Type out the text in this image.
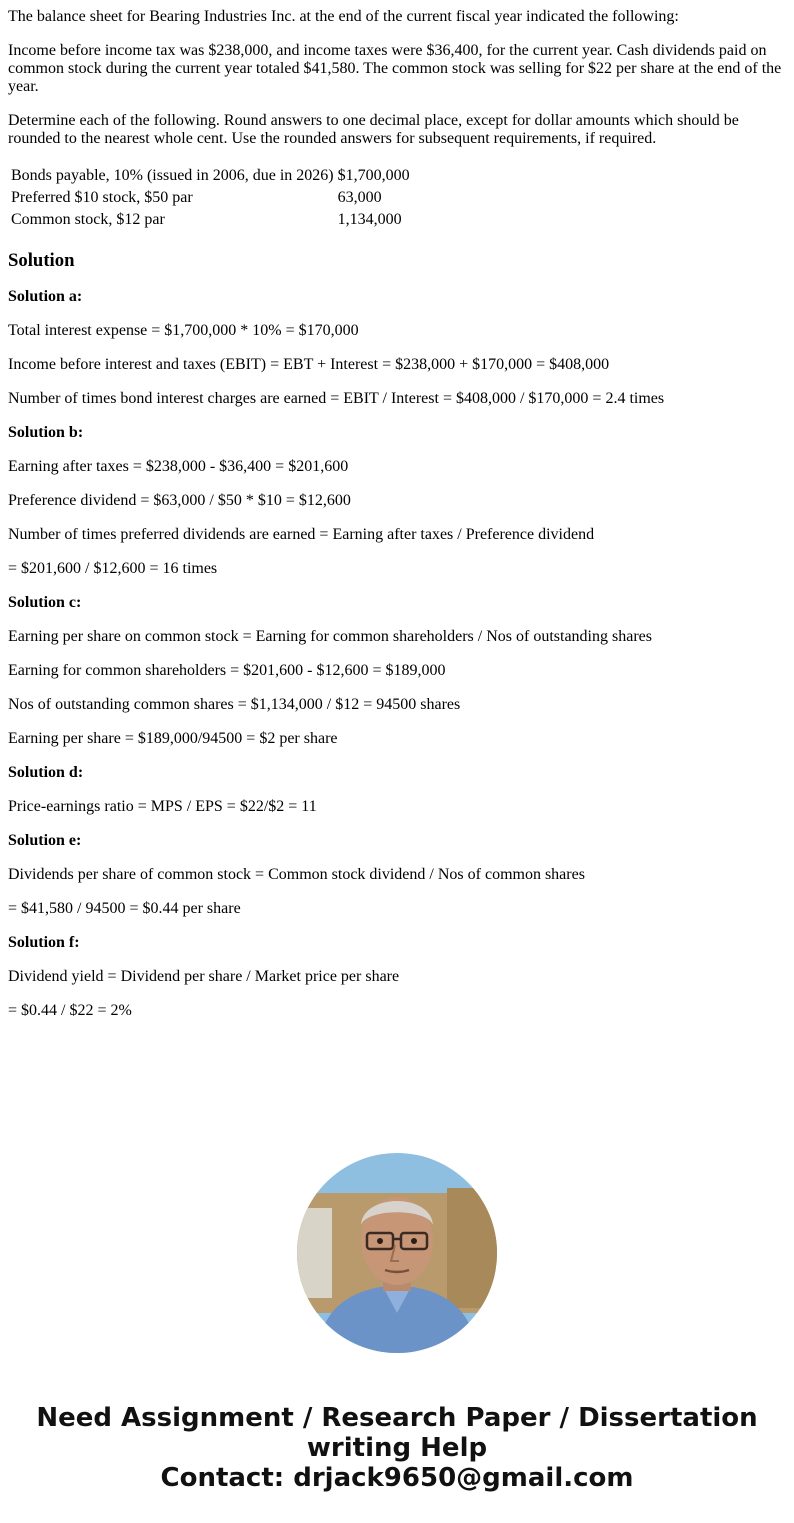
The balance sheet for Bearing Industries Inc. at the end of the current fiscal year indicated the following:

Income before income tax was $238,000, and income taxes were $36,400, for the current year. Cash dividends paid on common stock during the current year totaled $41,580. The common stock was selling for $22 per share at the end of the year.

Determine each of the following. Round answers to one decimal place, except for dollar amounts which should be rounded to the nearest whole cent. Use the rounded answers for subsequent requirements, if required.

Bonds payable, 10% (issued in 2006, due in 2026)	$1,700,000
Preferred $10 stock, $50 par	63,000
Common stock, $12 par	1,134,000
Solution

Solution a:

Total interest expense = $1,700,000 * 10% = $170,000

Income before interest and taxes (EBIT) = EBT + Interest = $238,000 + $170,000 = $408,000

Number of times bond interest charges are earned = EBIT / Interest = $408,000 / $170,000 = 2.4 times

Solution b:

Earning after taxes = $238,000 - $36,400 = $201,600

Preference dividend = $63,000 / $50 * $10 = $12,600

Number of times preferred dividends are earned = Earning after taxes / Preference dividend

= $201,600 / $12,600 = 16 times

Solution c:

Earning per share on common stock = Earning for common shareholders / Nos of outstanding shares

Earning for common shareholders = $201,600 - $12,600 = $189,000

Nos of outstanding common shares = $1,134,000 / $12 = 94500 shares

Earning per share = $189,000/94500 = $2 per share

Solution d:

Price-earnings ratio = MPS / EPS = $22/$2 = 11

Solution e:

Dividends per share of common stock = Common stock dividend / Nos of common shares

= $41,580 / 94500 = $0.44 per share

Solution f:

Dividend yield = Dividend per share / Market price per share

= $0.44 / $22 = 2%

Need Assignment / Research Paper / Dissertation
writing Help
Contact: drjack9650@gmail.com
